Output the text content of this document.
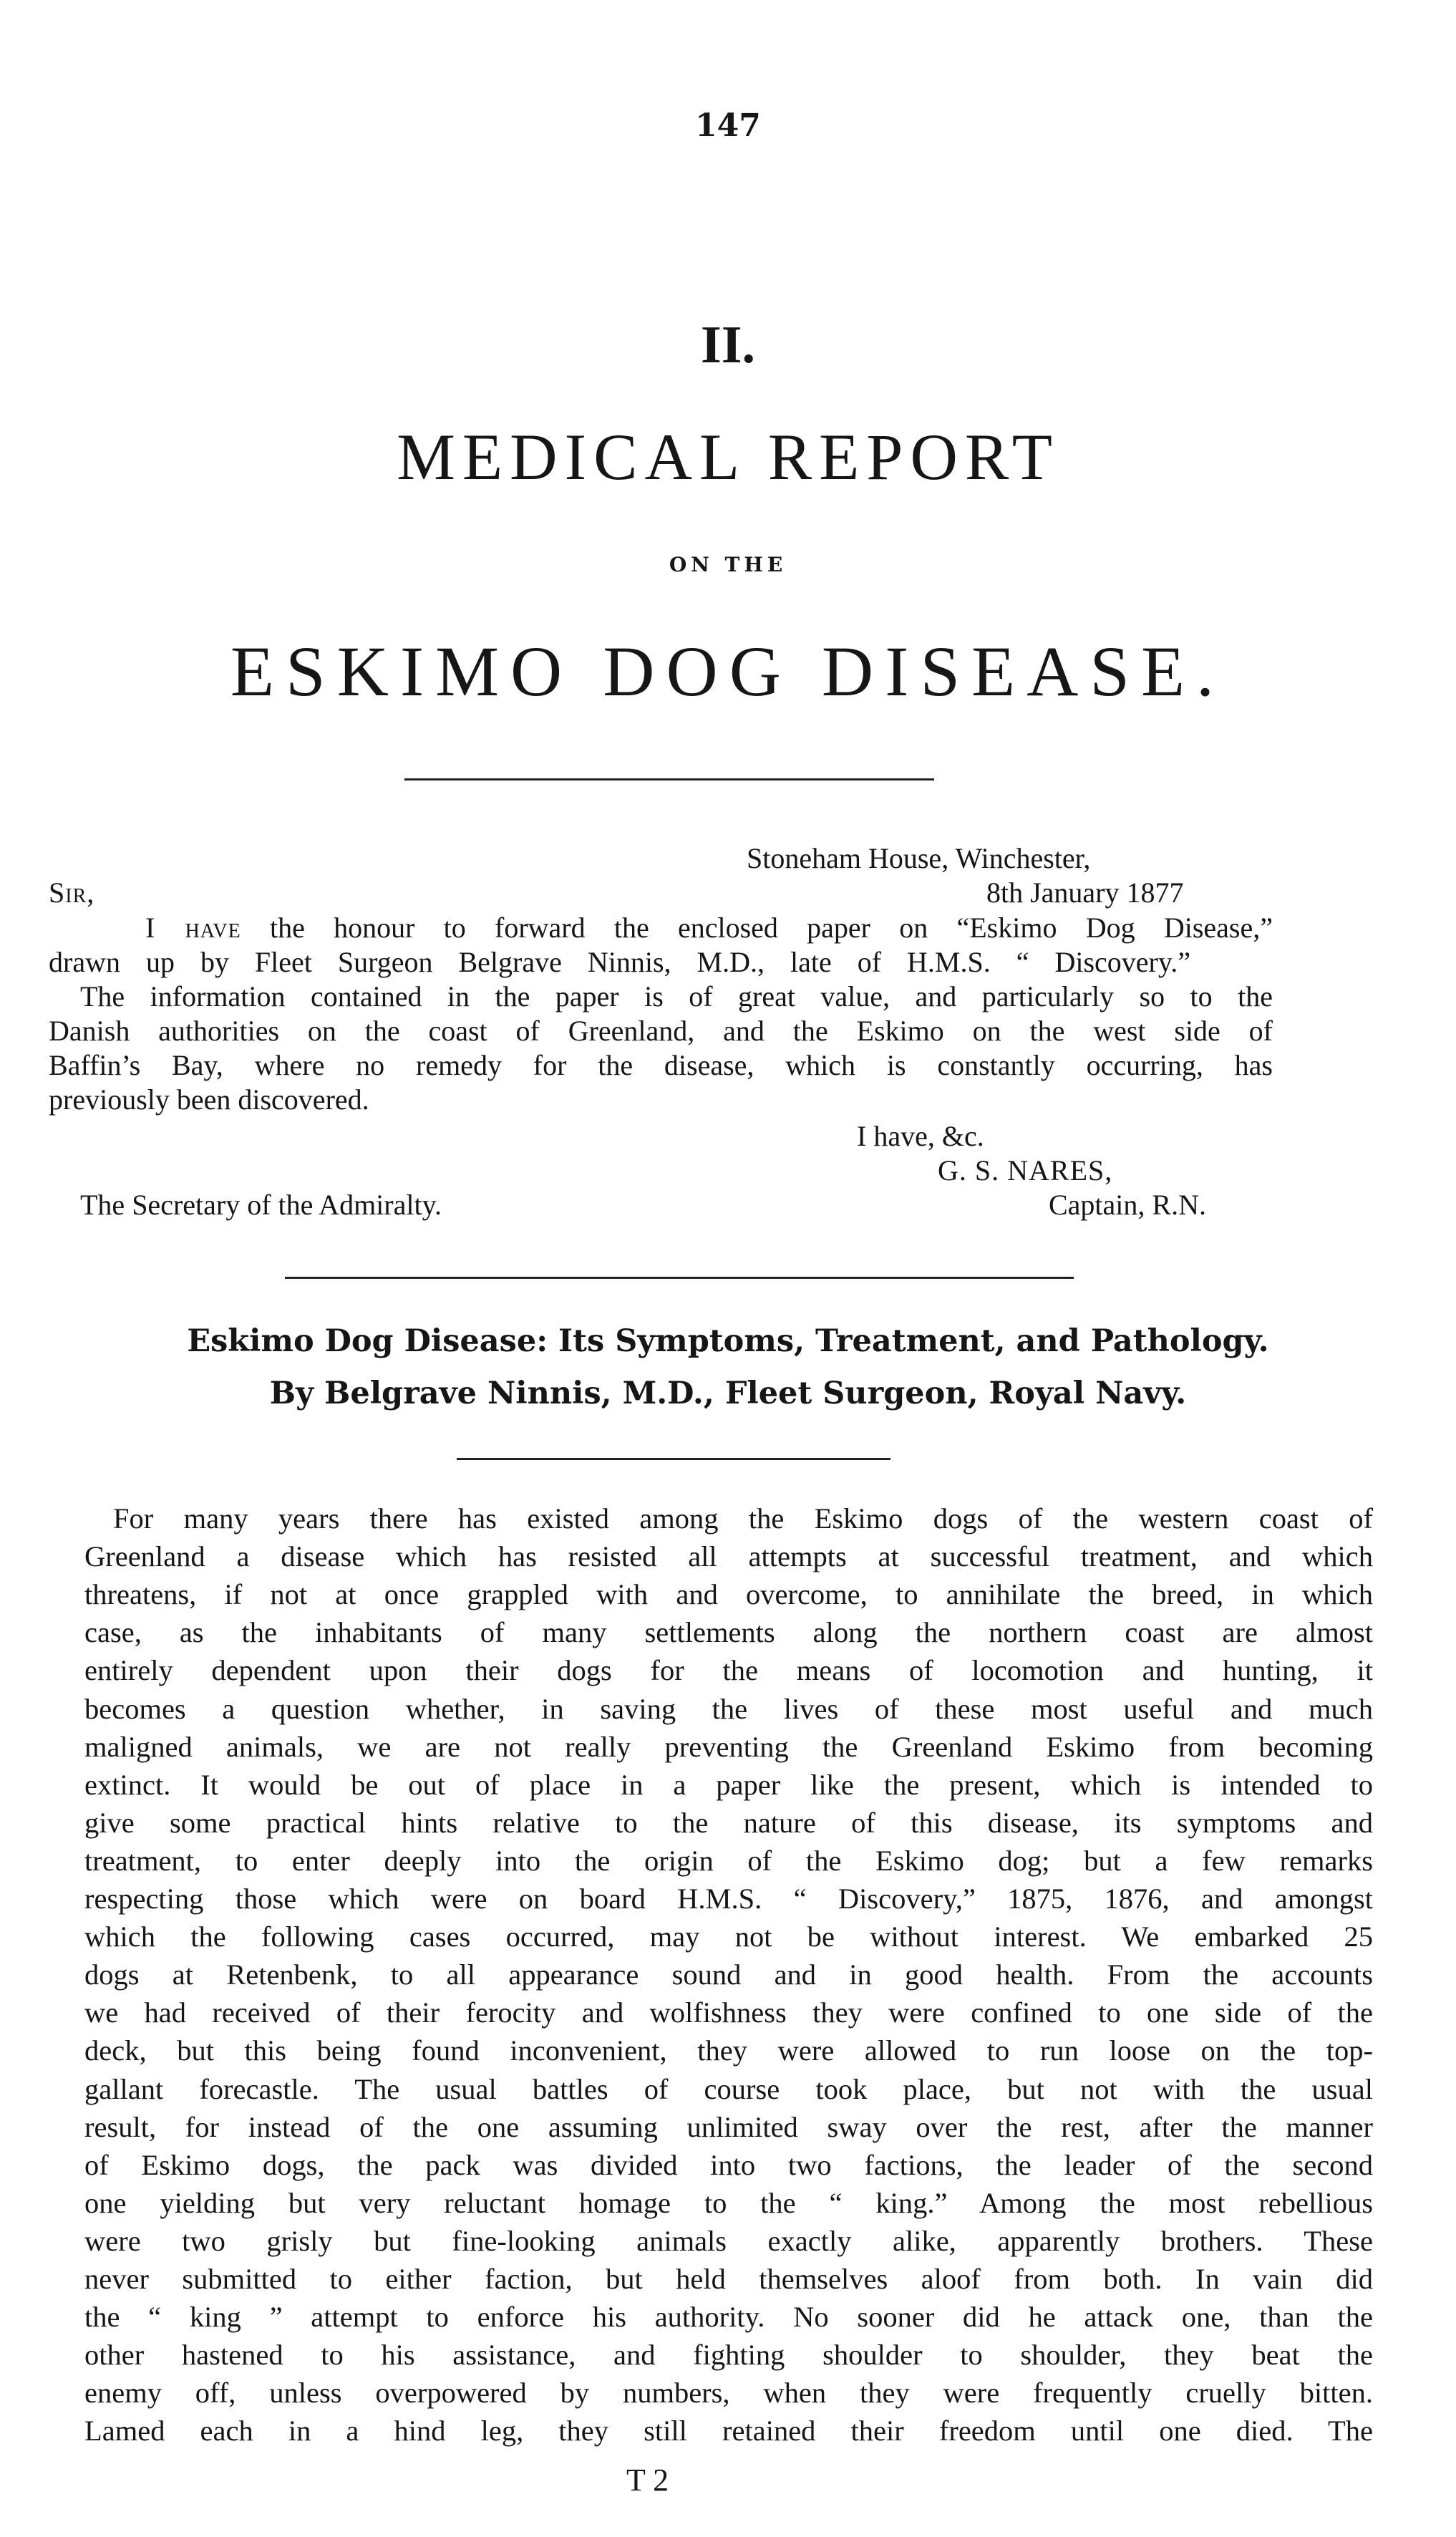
147
II.
MEDICAL REPORT
ON THE
ESKIMO DOG DISEASE.
Stoneham House, Winchester,
Sir,	8th January 1877
I have the honour to forward the enclosed paper on “Eskimo Dog Disease,”
drawn up by Fleet Surgeon Belgrave Ninnis, M.D., late of H.M.S. “ Discovery.”
The information contained in the paper is of great value, and particularly so to the
Danish authorities on the coast of Greenland, and the Eskimo on the west side of
Baffin’s Bay, where no remedy for the disease, which is constantly occurring, has
previously been discovered.
I have, &c.
G. S. NARES,
The Secretary of the Admiralty.	Captain, R.N.
Eskimo Dog Disease: Its Symptoms, Treatment, and Pathology.
By Belgrave Ninnis, M.D., Fleet Surgeon, Royal Navy.
For many years there has existed among the Eskimo dogs of the western coast of
Greenland a disease which has resisted all attempts at successful treatment, and which
threatens, if not at once grappled with and overcome, to annihilate the breed, in which
case, as the inhabitants of many settlements along the northern coast are almost
entirely dependent upon their dogs for the means of locomotion and hunting, it
becomes a question whether, in saving the lives of these most useful and much
maligned animals, we are not really preventing the Greenland Eskimo from becoming
extinct. It would be out of place in a paper like the present, which is intended to
give some practical hints relative to the nature of this disease, its symptoms and
treatment, to enter deeply into the origin of the Eskimo dog; but a few remarks
respecting those which were on board H.M.S. “ Discovery,” 1875, 1876, and amongst
which the following cases occurred, may not be without interest. We embarked 25
dogs at Retenbenk, to all appearance sound and in good health. From the accounts
we had received of their ferocity and wolfishness they were confined to one side of the
deck, but this being found inconvenient, they were allowed to run loose on the top-
gallant forecastle. The usual battles of course took place, but not with the usual
result, for instead of the one assuming unlimited sway over the rest, after the manner
of Eskimo dogs, the pack was divided into two factions, the leader of the second
one yielding but very reluctant homage to the “ king.” Among the most rebellious
were two grisly but fine-looking animals exactly alike, apparently brothers. These
never submitted to either faction, but held themselves aloof from both. In vain did
the “ king ” attempt to enforce his authority. No sooner did he attack one, than the
other hastened to his assistance, and fighting shoulder to shoulder, they beat the
enemy off, unless overpowered by numbers, when they were frequently cruelly bitten.
Lamed each in a hind leg, they still retained their freedom until one died. The
T 2
